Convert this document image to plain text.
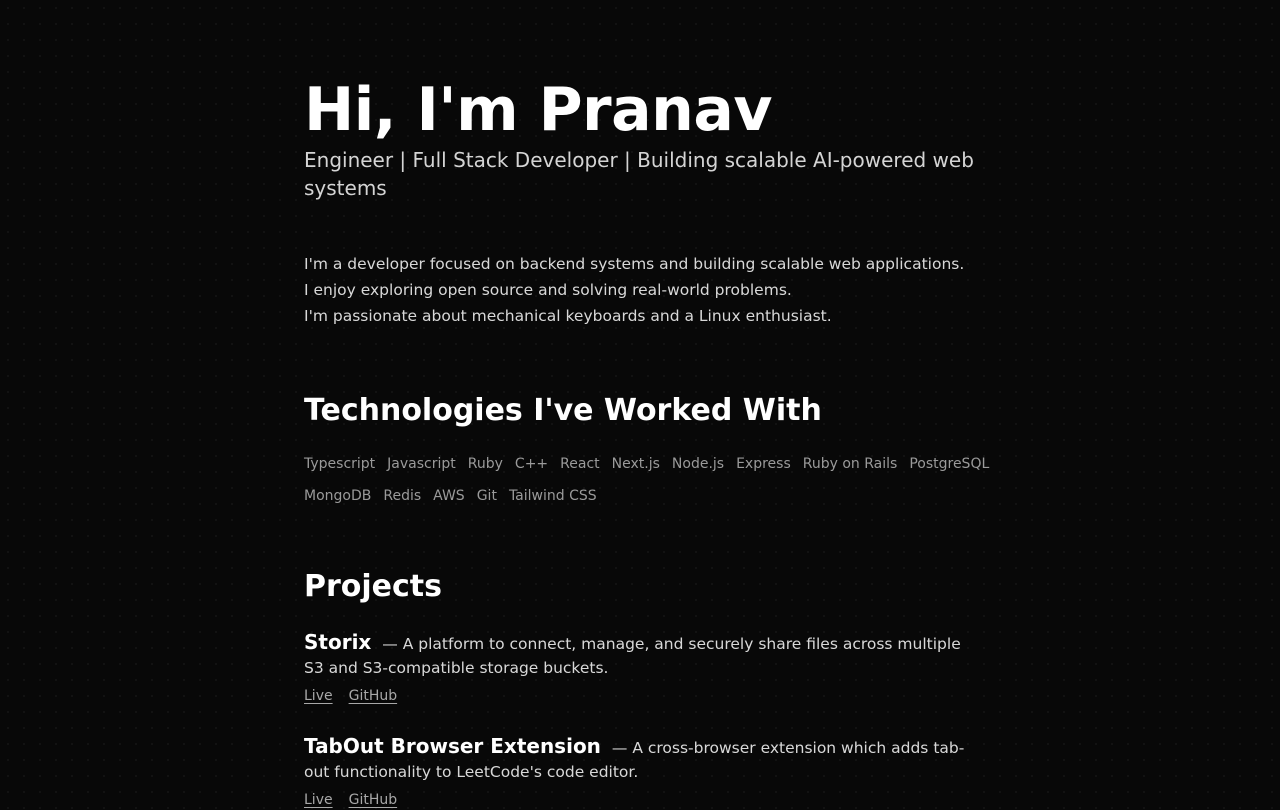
Hi, I'm Pranav
Engineer | Full Stack Developer | Building scalable AI-powered web systems

I'm a developer focused on backend systems and building scalable web applications.

I enjoy exploring open source and solving real-world problems.

I'm passionate about mechanical keyboards and a Linux enthusiast.

Technologies I've Worked With
Typescript Javascript Ruby C++ React Next.js Node.js Express Ruby on Rails PostgreSQL
MongoDB Redis AWS Git Tailwind CSS
Projects

Storix — A platform to connect, manage, and securely share files across multiple S3 and S3-compatible storage buckets.

Live GitHub

TabOut Browser Extension — A cross-browser extension which adds tab-out functionality to LeetCode's code editor.

Live GitHub
